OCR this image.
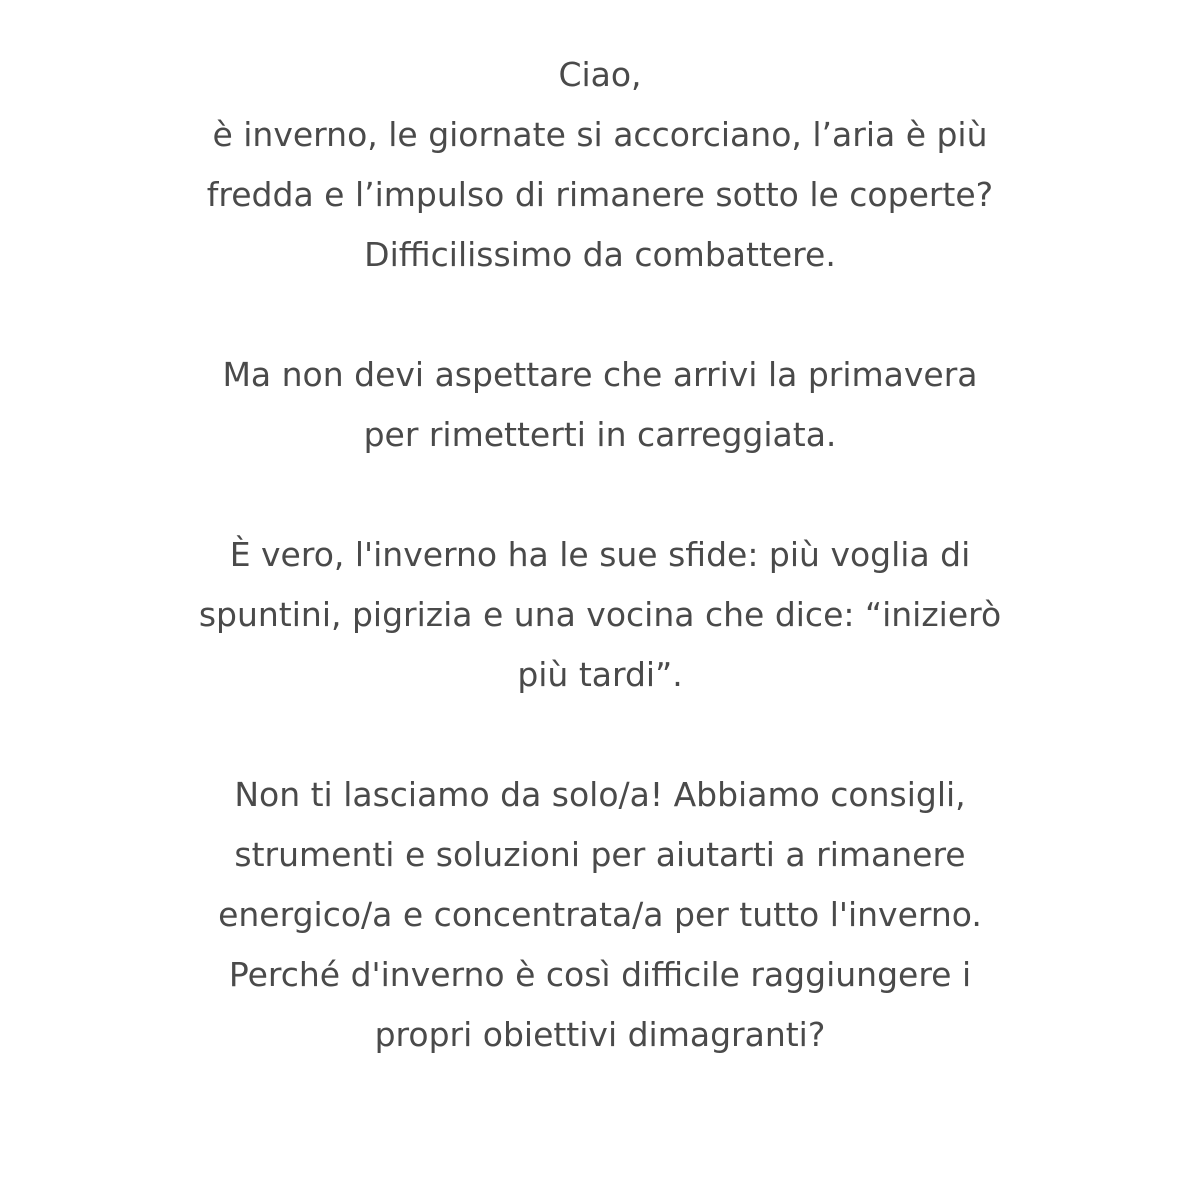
Ciao,
è inverno, le giornate si accorciano, l’aria è più
fredda e l’impulso di rimanere sotto le coperte?
Difficilissimo da combattere.

Ma non devi aspettare che arrivi la primavera
per rimetterti in carreggiata.

È vero, l'inverno ha le sue sfide: più voglia di
spuntini, pigrizia e una vocina che dice: “inizierò
più tardi”.

Non ti lasciamo da solo/a! Abbiamo consigli,
strumenti e soluzioni per aiutarti a rimanere
energico/a e concentrata/a per tutto l'inverno.
Perché d'inverno è così difficile raggiungere i
propri obiettivi dimagranti?
